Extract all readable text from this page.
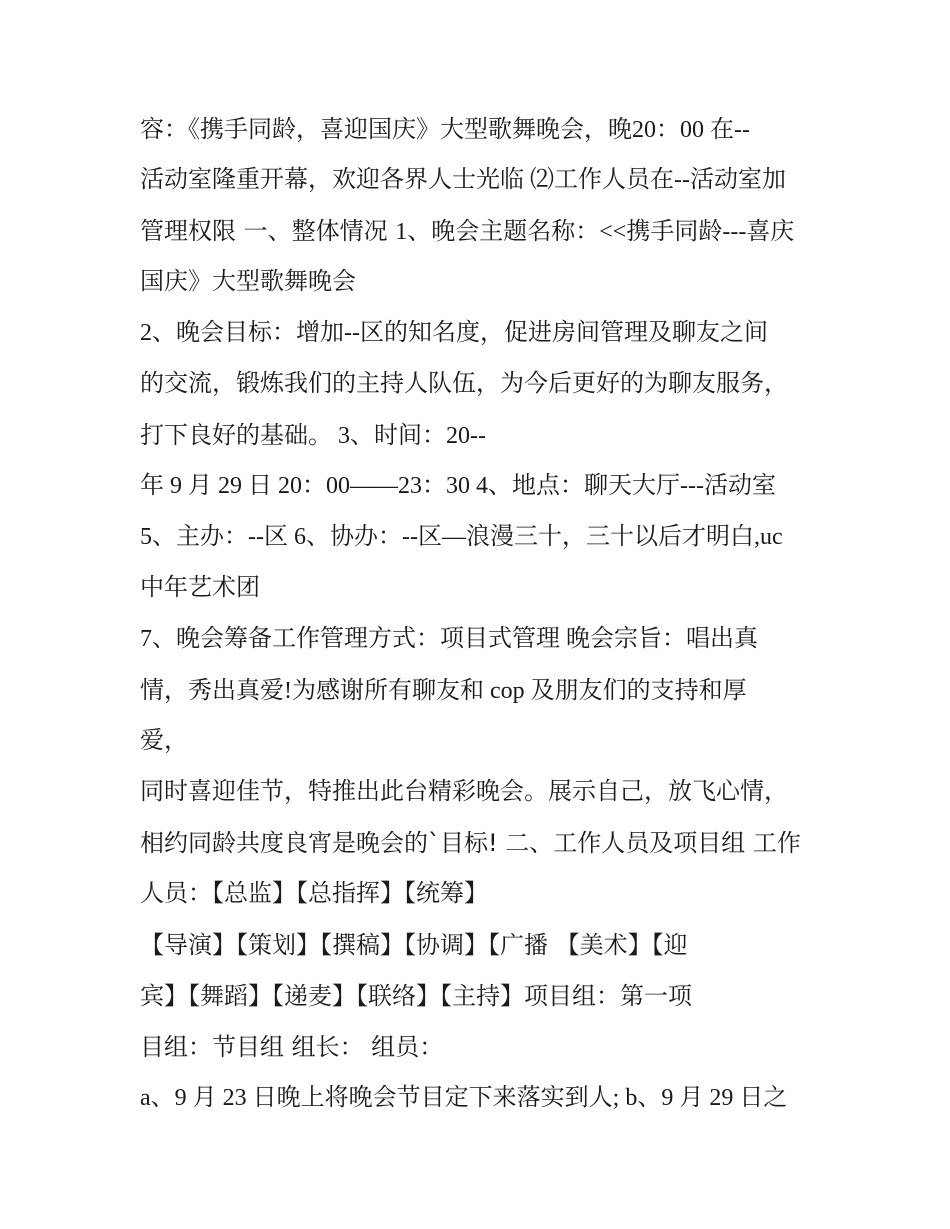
容：《携手同龄，喜迎国庆》大型歌舞晚会，晚20：00 在--
活动室隆重开幕，欢迎各界人士光临 ⑵工作人员在--活动室加
管理权限 一、整体情况 1、晚会主题名称：<<携手同龄---喜庆
国庆》大型歌舞晚会
2、晚会目标：增加--区的知名度，促进房间管理及聊友之间
的交流，锻炼我们的主持人队伍，为今后更好的为聊友服务，
打下良好的基础。 3、时间：20--
年 9 月 29 日 20：00——23：30 4、地点：聊天大厅---活动室
5、主办：--区 6、协办：--区—浪漫三十，三十以后才明白,uc
中年艺术团
7、晚会筹备工作管理方式：项目式管理 晚会宗旨：唱出真
情，秀出真爱!为感谢所有聊友和 cop 及朋友们的支持和厚
爱，
同时喜迎佳节，特推出此台精彩晚会。展示自己，放飞心情，
相约同龄共度良宵是晚会的`目标! 二、工作人员及项目组 工作
人员：【总监】【总指挥】【统筹】
【导演】【策划】【撰稿】【协调】【广播 【美术】【迎
宾】【舞蹈】【递麦】【联络】【主持】项目组：第一项
目组：节目组 组长： 组员：
a、9 月 23 日晚上将晚会节目定下来落实到人; b、9 月 29 日之
